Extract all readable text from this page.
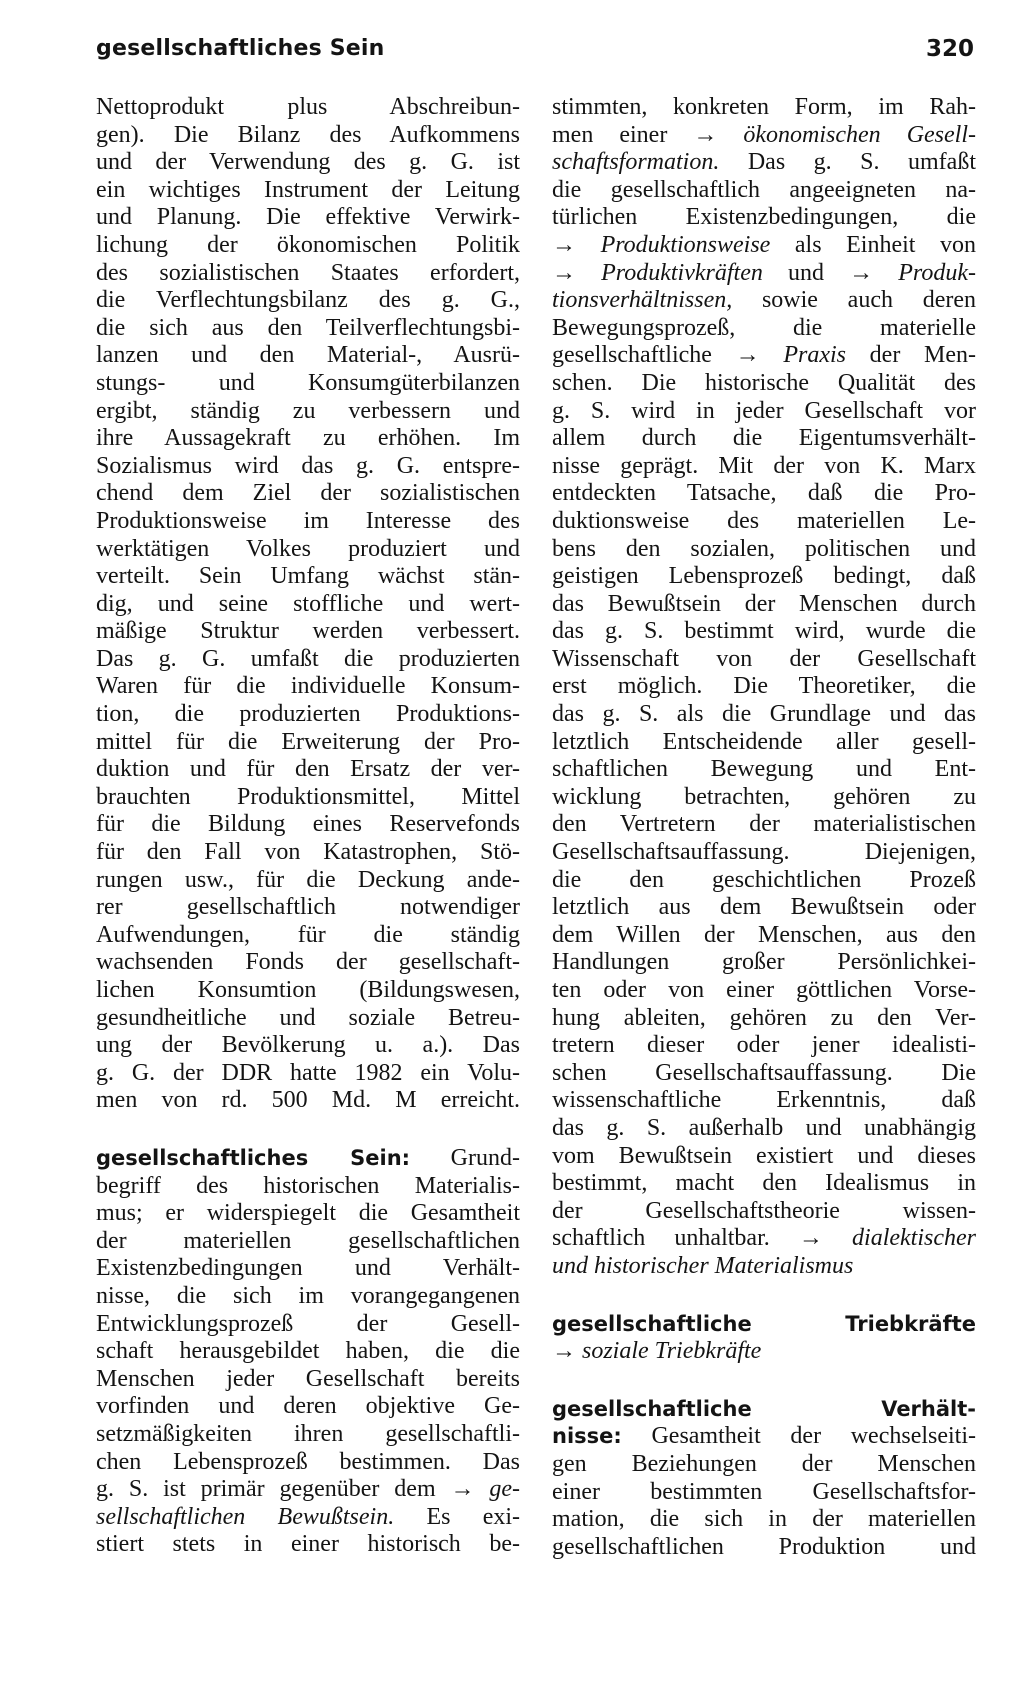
gesellschaftliches Sein	320
Nettoprodukt plus Abschreibun-
gen). Die Bilanz des Aufkommens
und der Verwendung des g. G. ist
ein wichtiges Instrument der Leitung
und Planung. Die effektive Verwirk-
lichung der ökonomischen Politik
des sozialistischen Staates erfordert,
die Verflechtungsbilanz des g. G.,
die sich aus den Teilverflechtungsbi-
lanzen und den Material-, Ausrü-
stungs- und Konsumgüterbilanzen
ergibt, ständig zu verbessern und
ihre Aussagekraft zu erhöhen. Im
Sozialismus wird das g. G. entspre-
chend dem Ziel der sozialistischen
Produktionsweise im Interesse des
werktätigen Volkes produziert und
verteilt. Sein Umfang wächst stän-
dig, und seine stoffliche und wert-
mäßige Struktur werden verbessert.
Das g. G. umfaßt die produzierten
Waren für die individuelle Konsum-
tion, die produzierten Produktions-
mittel für die Erweiterung der Pro-
duktion und für den Ersatz der ver-
brauchten Produktionsmittel, Mittel
für die Bildung eines Reservefonds
für den Fall von Katastrophen, Stö-
rungen usw., für die Deckung ande-
rer gesellschaftlich notwendiger
Aufwendungen, für die ständig
wachsenden Fonds der gesellschaft-
lichen Konsumtion (Bildungswesen,
gesundheitliche und soziale Betreu-
ung der Bevölkerung u. a.). Das
g. G. der DDR hatte 1982 ein Volu-
men von rd. 500 Md. M erreicht.
gesellschaftliches Sein: Grund-
begriff des historischen Materialis-
mus; er widerspiegelt die Gesamtheit
der materiellen gesellschaftlichen
Existenzbedingungen und Verhält-
nisse, die sich im vorangegangenen
Entwicklungsprozeß der Gesell-
schaft herausgebildet haben, die die
Menschen jeder Gesellschaft bereits
vorfinden und deren objektive Ge-
setzmäßigkeiten ihren gesellschaftli-
chen Lebensprozeß bestimmen. Das
g. S. ist primär gegenüber dem → ge-
sellschaftlichen Bewußtsein. Es exi-
stiert stets in einer historisch be-
stimmten, konkreten Form, im Rah-
men einer → ökonomischen Gesell-
schaftsformation. Das g. S. umfaßt
die gesellschaftlich angeeigneten na-
türlichen Existenzbedingungen, die
→ Produktionsweise als Einheit von
→ Produktivkräften und → Produk-
tionsverhältnissen, sowie auch deren
Bewegungsprozeß, die materielle
gesellschaftliche → Praxis der Men-
schen. Die historische Qualität des
g. S. wird in jeder Gesellschaft vor
allem durch die Eigentumsverhält-
nisse geprägt. Mit der von K. Marx
entdeckten Tatsache, daß die Pro-
duktionsweise des materiellen Le-
bens den sozialen, politischen und
geistigen Lebensprozeß bedingt, daß
das Bewußtsein der Menschen durch
das g. S. bestimmt wird, wurde die
Wissenschaft von der Gesellschaft
erst möglich. Die Theoretiker, die
das g. S. als die Grundlage und das
letztlich Entscheidende aller gesell-
schaftlichen Bewegung und Ent-
wicklung betrachten, gehören zu
den Vertretern der materialistischen
Gesellschaftsauffassung. Diejenigen,
die den geschichtlichen Prozeß
letztlich aus dem Bewußtsein oder
dem Willen der Menschen, aus den
Handlungen großer Persönlichkei-
ten oder von einer göttlichen Vorse-
hung ableiten, gehören zu den Ver-
tretern dieser oder jener idealisti-
schen Gesellschaftsauffassung. Die
wissenschaftliche Erkenntnis, daß
das g. S. außerhalb und unabhängig
vom Bewußtsein existiert und dieses
bestimmt, macht den Idealismus in
der Gesellschaftstheorie wissen-
schaftlich unhaltbar. → dialektischer
und historischer Materialismus
gesellschaftliche Triebkräfte
→ soziale Triebkräfte
gesellschaftliche Verhält-
nisse: Gesamtheit der wechselseiti-
gen Beziehungen der Menschen
einer bestimmten Gesellschaftsfor-
mation, die sich in der materiellen
gesellschaftlichen Produktion und
